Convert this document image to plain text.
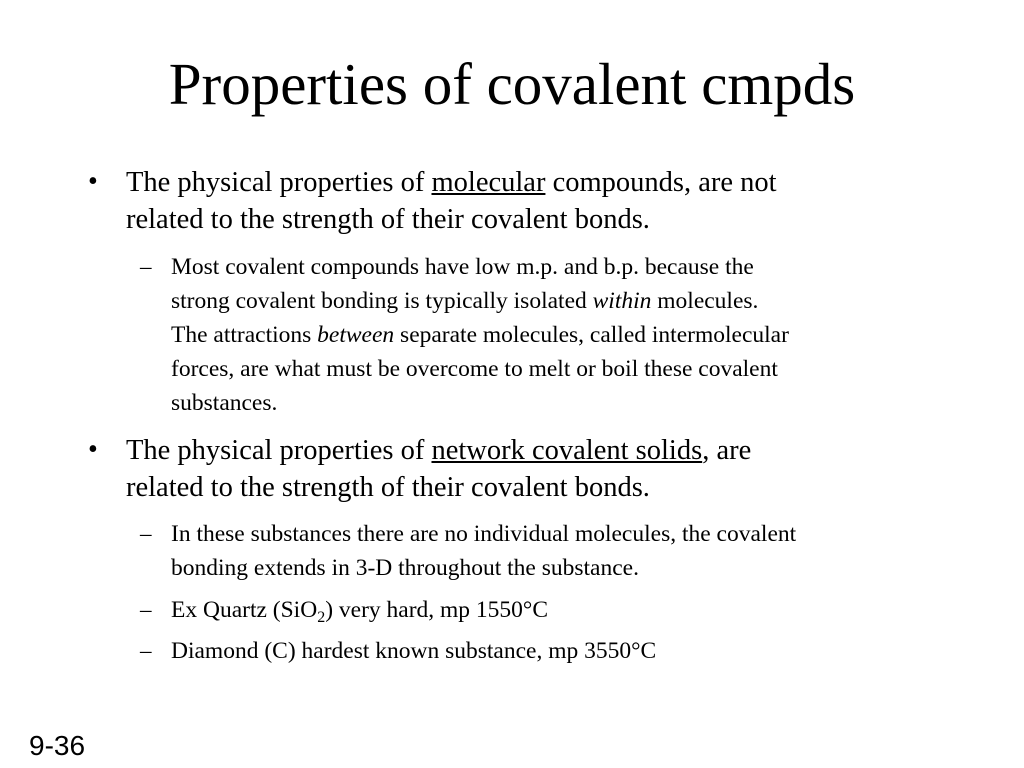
Properties of covalent cmpds
• The physical properties of molecular compounds, are not
related to the strength of their covalent bonds.
– Most covalent compounds have low m.p. and b.p. because the
strong covalent bonding is typically isolated within molecules.
The attractions between separate molecules, called intermolecular
forces, are what must be overcome to melt or boil these covalent
substances.
• The physical properties of network covalent solids, are
related to the strength of their covalent bonds.
– In these substances there are no individual molecules, the covalent
bonding extends in 3-D throughout the substance.
– Ex Quartz (SiO$_2$) very hard, mp 1550°C
– Diamond (C) hardest known substance, mp 3550°C
9-36
